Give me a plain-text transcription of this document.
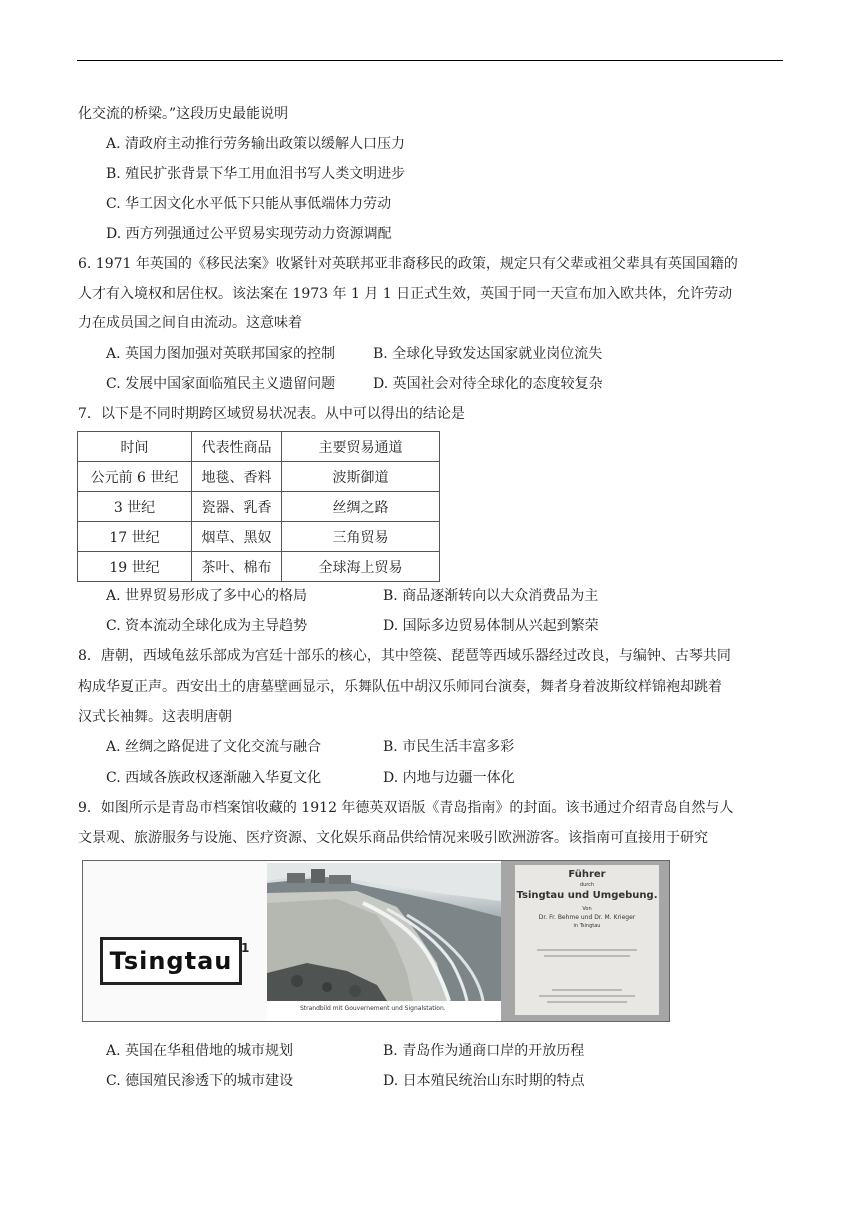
化交流的桥梁。”这段历史最能说明
A. 清政府主动推行劳务输出政策以缓解人口压力
B. 殖民扩张背景下华工用血泪书写人类文明进步
C. 华工因文化水平低下只能从事低端体力劳动
D. 西方列强通过公平贸易实现劳动力资源调配
6. 1971 年英国的《移民法案》收紧针对英联邦亚非裔移民的政策，规定只有父辈或祖父辈具有英国国籍的
人才有入境权和居住权。该法案在 1973 年 1 月 1 日正式生效，英国于同一天宣布加入欧共体，允许劳动
力在成员国之间自由流动。这意味着
A. 英国力图加强对英联邦国家的控制	B. 全球化导致发达国家就业岗位流失
C. 发展中国家面临殖民主义遗留问题	D. 英国社会对待全球化的态度较复杂
7．以下是不同时期跨区域贸易状况表。从中可以得出的结论是
时间	代表性商品	主要贸易通道
公元前 6 世纪	地毯、香料	波斯御道
3 世纪	瓷器、乳香	丝绸之路
17 世纪	烟草、黑奴	三角贸易
19 世纪	茶叶、棉布	全球海上贸易
A. 世界贸易形成了多中心的格局	B. 商品逐渐转向以大众消费品为主
C. 资本流动全球化成为主导趋势	D. 国际多边贸易体制从兴起到繁荣
8．唐朝，西域龟兹乐部成为宫廷十部乐的核心，其中箜篌、琵琶等西域乐器经过改良，与编钟、古琴共同
构成华夏正声。西安出土的唐墓壁画显示，乐舞队伍中胡汉乐师同台演奏，舞者身着波斯纹样锦袍却跳着
汉式长袖舞。这表明唐朝
A. 丝绸之路促进了文化交流与融合	B. 市民生活丰富多彩
C. 西域各族政权逐渐融入华夏文化	D. 内地与边疆一体化
9．如图所示是青岛市档案馆收藏的 1912 年德英双语版《青岛指南》的封面。该书通过介绍青岛自然与人
文景观、旅游服务与设施、医疗资源、文化娱乐商品供给情况来吸引欧洲游客。该指南可直接用于研究
Tsingtau 1
Strandbild mit Gouvernement und Signalstation.
Führer
durch
Tsingtau und Umgebung.
Von
Dr. Fr. Behme und Dr. M. Krieger
in Tsingtau
A. 英国在华租借地的城市规划	B. 青岛作为通商口岸的开放历程
C. 德国殖民渗透下的城市建设	D. 日本殖民统治山东时期的特点
